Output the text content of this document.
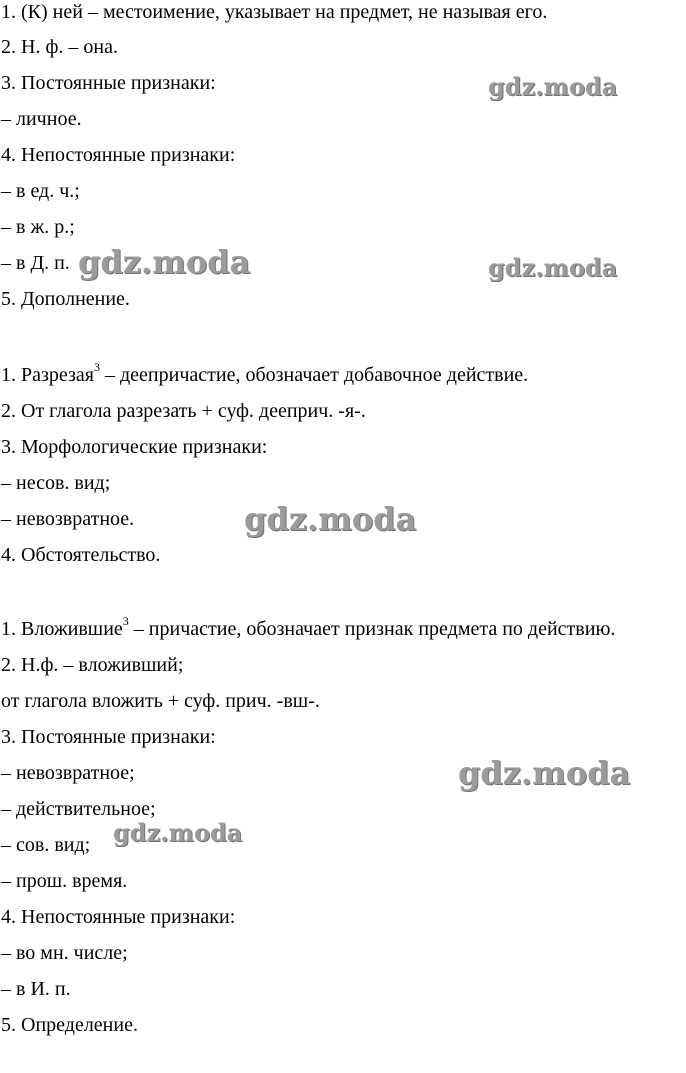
1. (К) ней – местоимение, указывает на предмет, не называя его.
2. Н. ф. – она.
3. Постоянные признаки:
– личное.
4. Непостоянные признаки:
– в ед. ч.;
– в ж. р.;
– в Д. п.
5. Дополнение.
1. Разрезая$^3$ – деепричастие, обозначает добавочное действие.
2. От глагола разрезать + суф. дееприч. -я-.
3. Морфологические признаки:
– несов. вид;
– невозвратное.
4. Обстоятельство.
1. Вложившие$^3$ – причастие, обозначает признак предмета по действию.
2. Н.ф. – вложивший;
от глагола вложить + суф. прич. -вш-.
3. Постоянные признаки:
– невозвратное;
– действительное;
– сов. вид;
– прош. время.
4. Непостоянные признаки:
– во мн. числе;
– в И. п.
5. Определение.
gdz.moda
gdz.moda	gdz.moda
gdz.moda
gdz.moda
gdz.moda
